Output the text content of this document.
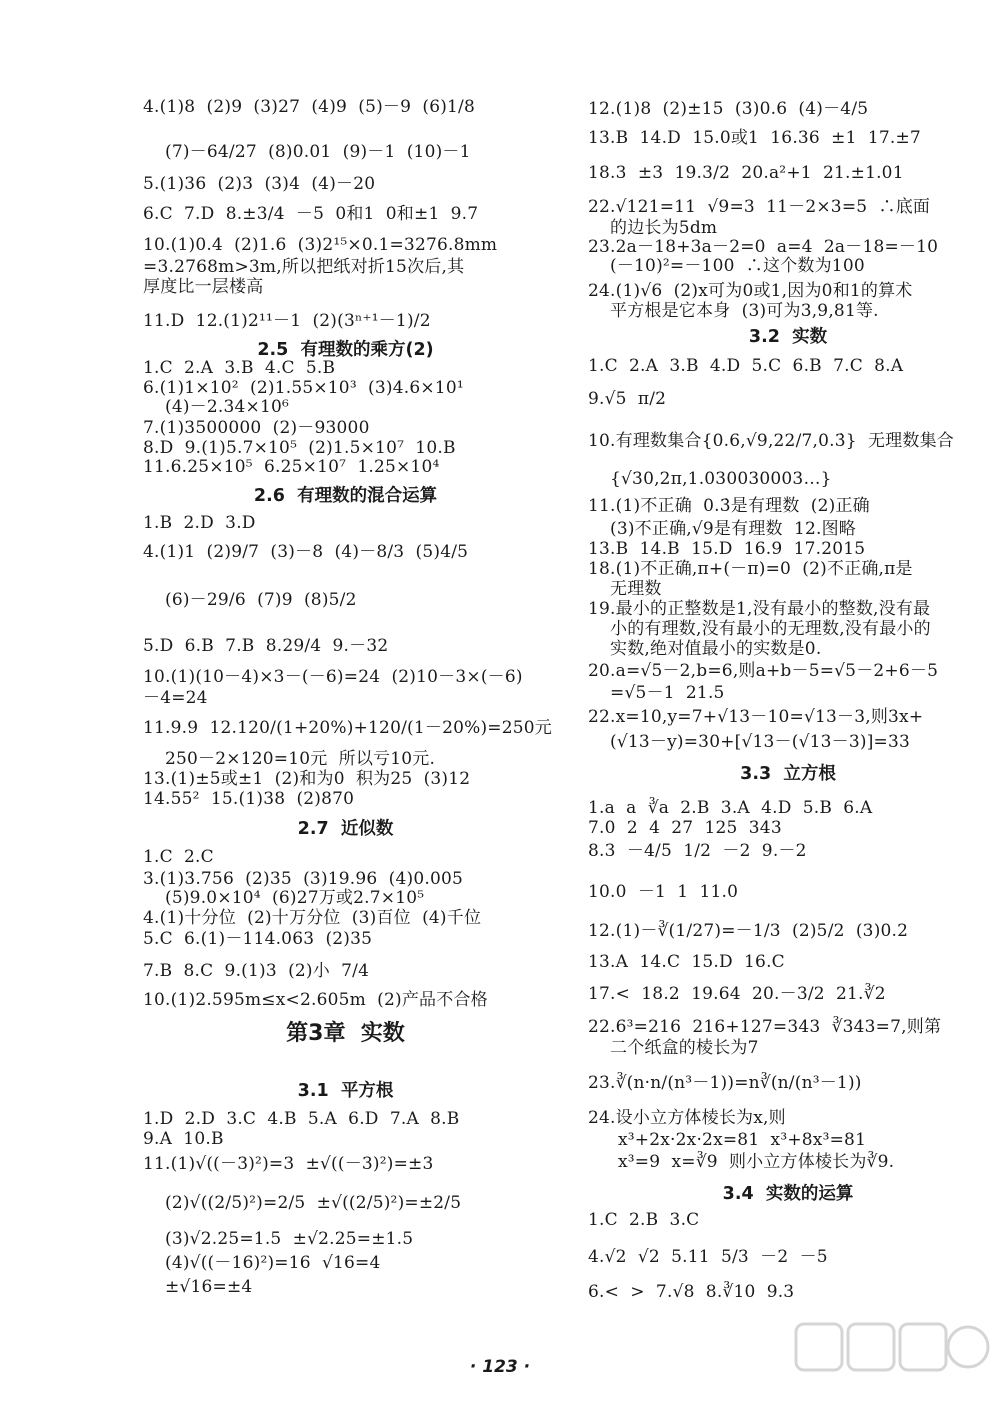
4.(1)8  (2)9  (3)27  (4)9  (5)－9  (6)1/8
(7)－64/27  (8)0.01  (9)－1  (10)－1
5.(1)36  (2)3  (3)4  (4)－20
6.C  7.D  8.±3/4  －5  0和1  0和±1  9.7
10.(1)0.4  (2)1.6  (3)2¹⁵×0.1=3276.8mm
=3.2768m>3m,所以把纸对折15次后,其
厚度比一层楼高
11.D  12.(1)2¹¹－1  (2)(3ⁿ⁺¹－1)/2
2.5  有理数的乘方(2)
1.C  2.A  3.B  4.C  5.B
6.(1)1×10²  (2)1.55×10³  (3)4.6×10¹
(4)－2.34×10⁶
7.(1)3500000  (2)－93000
8.D  9.(1)5.7×10⁵  (2)1.5×10⁷  10.B
11.6.25×10⁵  6.25×10⁷  1.25×10⁴
2.6  有理数的混合运算
1.B  2.D  3.D
4.(1)1  (2)9/7  (3)－8  (4)－8/3  (5)4/5
(6)－29/6  (7)9  (8)5/2
5.D  6.B  7.B  8.29/4  9.－32
10.(1)(10－4)×3－(－6)=24  (2)10－3×(－6)
－4=24
11.9.9  12.120/(1+20%)+120/(1－20%)=250元
250－2×120=10元  所以亏10元.
13.(1)±5或±1  (2)和为0  积为25  (3)12
14.55²  15.(1)38  (2)870
2.7  近似数
1.C  2.C
3.(1)3.756  (2)35  (3)19.96  (4)0.005
(5)9.0×10⁴  (6)27万或2.7×10⁵
4.(1)十分位  (2)十万分位  (3)百位  (4)千位
5.C  6.(1)－114.063  (2)35
7.B  8.C  9.(1)3  (2)小  7/4
10.(1)2.595m≤x<2.605m  (2)产品不合格
第3章  实数
3.1  平方根
1.D  2.D  3.C  4.B  5.A  6.D  7.A  8.B
9.A  10.B
11.(1)√((－3)²)=3  ±√((－3)²)=±3
(2)√((2/5)²)=2/5  ±√((2/5)²)=±2/5
(3)√2.25=1.5  ±√2.25=±1.5
(4)√((－16)²)=16  √16=4
±√16=±4
12.(1)8  (2)±15  (3)0.6  (4)－4/5
13.B  14.D  15.0或1  16.36  ±1  17.±7
18.3  ±3  19.3/2  20.a²+1  21.±1.01
22.√121=11  √9=3  11－2×3=5  ∴底面
的边长为5dm
23.2a－18+3a－2=0  a=4  2a－18=－10
(－10)²=－100  ∴这个数为100
24.(1)√6  (2)x可为0或1,因为0和1的算术
平方根是它本身  (3)可为3,9,81等.
3.2  实数
1.C  2.A  3.B  4.D  5.C  6.B  7.C  8.A
9.√5  π/2
10.有理数集合{0.6,√9,22/7,0.3̇}  无理数集合
{√30,2π,1.030030003…}
11.(1)不正确  0.3̇是有理数  (2)正确
(3)不正确,√9是有理数  12.图略
13.B  14.B  15.D  16.9  17.2015
18.(1)不正确,π+(－π)=0  (2)不正确,π是
无理数
19.最小的正整数是1,没有最小的整数,没有最
小的有理数,没有最小的无理数,没有最小的
实数,绝对值最小的实数是0.
20.a=√5－2,b=6,则a+b－5=√5－2+6－5
=√5－1  21.5
22.x=10,y=7+√13－10=√13－3,则3x+
(√13－y)=30+[√13－(√13－3)]=33
3.3  立方根
1.a  a  ∛a  2.B  3.A  4.D  5.B  6.A
7.0  2  4  27  125  343
8.3  －4/5  1/2  －2  9.－2
10.0  －1  1  11.0
12.(1)－∛(1/27)=－1/3  (2)5/2  (3)0.2
13.A  14.C  15.D  16.C
17.<  18.2  19.64  20.－3/2  21.∛2
22.6³=216  216+127=343  ∛343=7,则第
二个纸盒的棱长为7
23.∛(n·n/(n³－1))=n∛(n/(n³－1))
24.设小立方体棱长为x,则
x³+2x·2x·2x=81  x³+8x³=81
x³=9  x=∛9  则小立方体棱长为∛9.
3.4  实数的运算
1.C  2.B  3.C
4.√2  √2  5.11  5/3  －2  －5
6.<  >  7.√8  8.∛10  9.3
· 123 ·
